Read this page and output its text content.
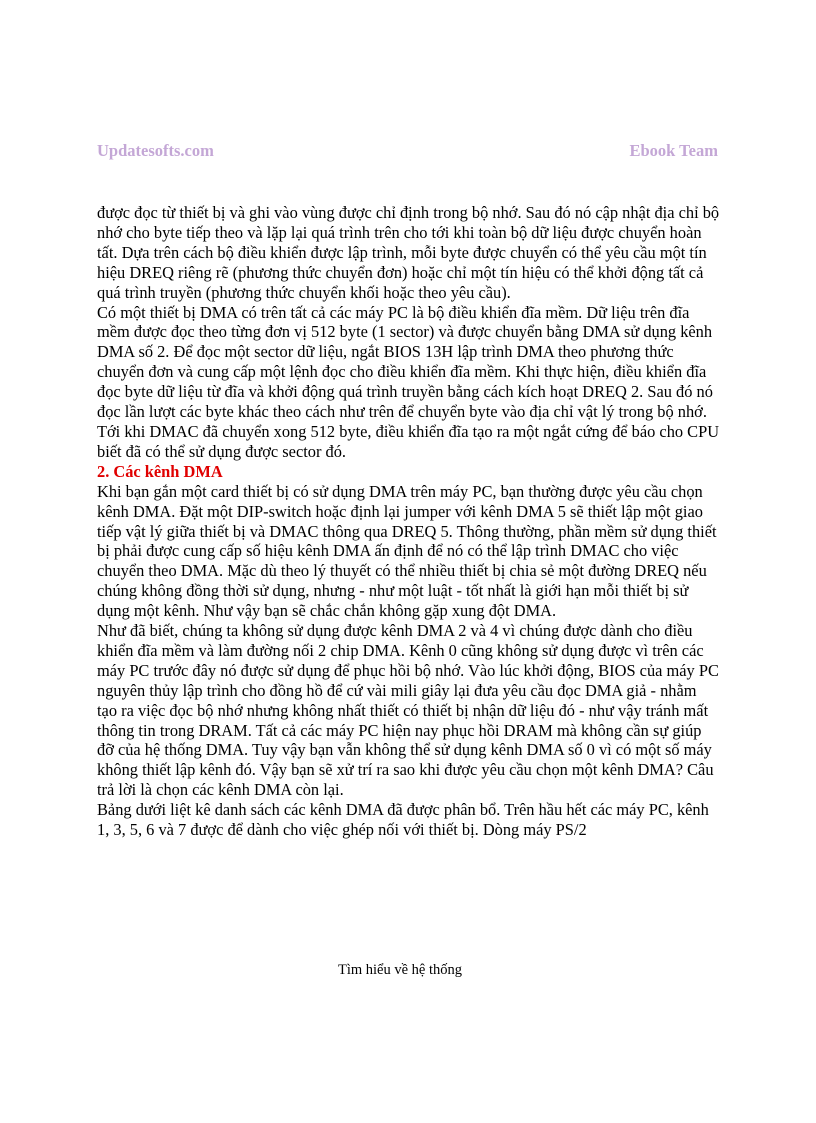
Updatesofts.com	Ebook Team

được đọc từ thiết bị và ghi vào vùng được chỉ định trong bộ nhớ. Sau đó nó cập nhật địa chỉ bộ nhớ cho byte tiếp theo và lặp lại quá trình trên cho tới khi toàn bộ dữ liệu được chuyển hoàn tất. Dựa trên cách bộ điều khiển được lập trình, mỗi byte được chuyển có thể yêu cầu một tín hiệu DREQ riêng rẽ (phương thức chuyển đơn) hoặc chỉ một tín hiệu có thể khởi động tất cả quá trình truyền (phương thức chuyển khối hoặc theo yêu cầu).

Có một thiết bị DMA có trên tất cả các máy PC là bộ điều khiển đĩa mềm. Dữ liệu trên đĩa mềm được đọc theo từng đơn vị 512 byte (1 sector) và được chuyển bằng DMA sử dụng kênh DMA số 2. Để đọc một sector dữ liệu, ngắt BIOS 13H lập trình DMA theo phương thức chuyển đơn và cung cấp một lệnh đọc cho điều khiển đĩa mềm. Khi thực hiện, điều khiển đĩa đọc byte dữ liệu từ đĩa và khởi động quá trình truyền bằng cách kích hoạt DREQ 2. Sau đó nó đọc lần lượt các byte khác theo cách như trên để chuyển byte vào địa chỉ vật lý trong bộ nhớ. Tới khi DMAC đã chuyển xong 512 byte, điều khiển đĩa tạo ra một ngắt cứng để báo cho CPU biết đã có thể sử dụng được sector đó.

2. Các kênh DMA

Khi bạn gắn một card thiết bị có sử dụng DMA trên máy PC, bạn thường được yêu cầu chọn kênh DMA. Đặt một DIP-switch hoặc định lại jumper với kênh DMA 5 sẽ thiết lập một giao tiếp vật lý giữa thiết bị và DMAC thông qua DREQ 5. Thông thường, phần mềm sử dụng thiết bị phải được cung cấp số hiệu kênh DMA ấn định để nó có thể lập trình DMAC cho việc chuyển theo DMA. Mặc dù theo lý thuyết có thể nhiều thiết bị chia sẻ một đường DREQ nếu chúng không đồng thời sử dụng, nhưng - như một luật - tốt nhất là giới hạn mỗi thiết bị sử dụng một kênh. Như vậy bạn sẽ chắc chắn không gặp xung đột DMA.

Như đã biết, chúng ta không sử dụng được kênh DMA 2 và 4 vì chúng được dành cho điều khiển đĩa mềm và làm đường nối 2 chip DMA. Kênh 0 cũng không sử dụng được vì trên các máy PC trước đây nó được sử dụng để phục hồi bộ nhớ. Vào lúc khởi động, BIOS của máy PC nguyên thủy lập trình cho đồng hồ để cứ vài mili giây lại đưa yêu cầu đọc DMA giả - nhằm tạo ra việc đọc bộ nhớ nhưng không nhất thiết có thiết bị nhận dữ liệu đó - như vậy tránh mất thông tin trong DRAM. Tất cả các máy PC hiện nay phục hồi DRAM mà không cần sự giúp đỡ của hệ thống DMA. Tuy vậy bạn vẫn không thể sử dụng kênh DMA số 0 vì có một số máy không thiết lập kênh đó. Vậy bạn sẽ xử trí ra sao khi được yêu cầu chọn một kênh DMA? Câu trả lời là chọn các kênh DMA còn lại.

Bảng dưới liệt kê danh sách các kênh DMA đã được phân bổ. Trên hầu hết các máy PC, kênh 1, 3, 5, 6 và 7 được để dành cho việc ghép nối với thiết bị. Dòng máy PS/2

Tìm hiểu về hệ thống
